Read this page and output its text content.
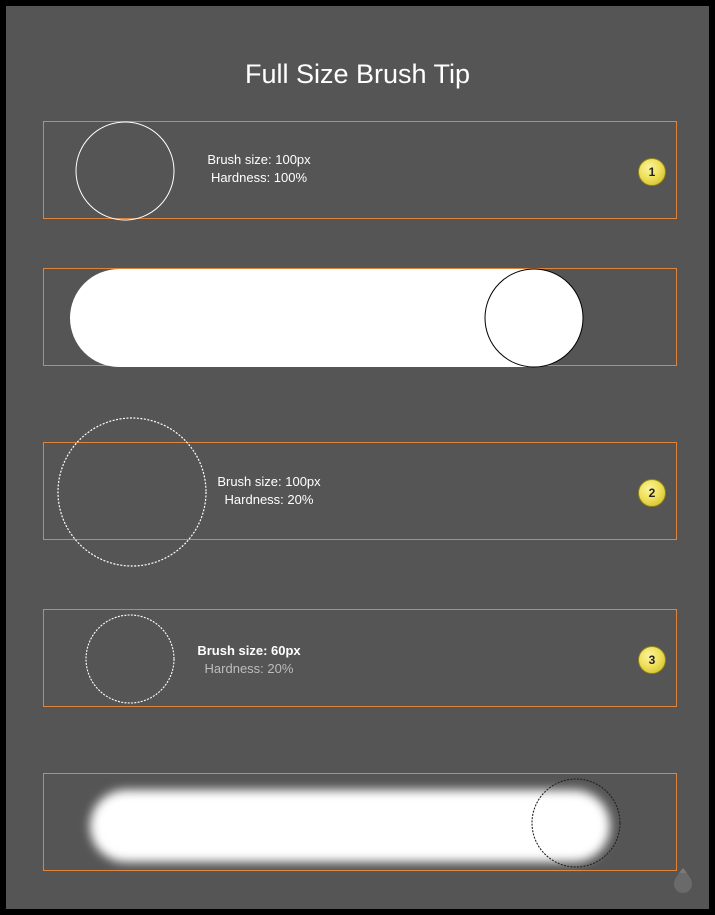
Full Size Brush Tip
Brush size: 100px
Hardness: 100%	1
Brush size: 100px
Hardness: 20%	2
Brush size: 60px
Hardness: 20%
3
